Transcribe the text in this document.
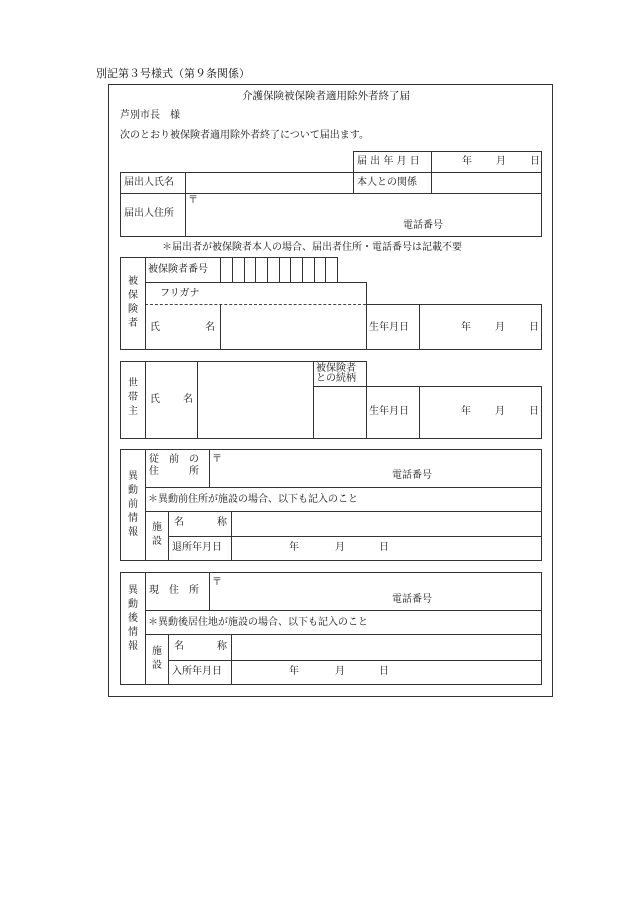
別記第３号様式（第９条関係）
介護保険被保険者適用除外者終了届
芦別市長　様
次のとおり被保険者適用除外者終了について届出ます。
届 出 年 月 日	年 月 日
届出人氏名	本人との関係
届出人住所
〒
電話番号
＊届出者が被保険者本人の場合、届出者住所・電話番号は記載不要
被
保
険
者
被保険者番号
フリガナ
氏	名	生年月日	年 月 日
世
帯
主
氏 名
被保険者
との続柄
生年月日	年 月 日
異
動
前
情
報
従　前　の
住　　　所
〒
電話番号
＊異動前住所が施設の場合、以下も記入のこと
施
設
名	称
退所年月日	年	月	日
異
動
後
情
報
現　住　所
〒
電話番号
＊異動後居住地が施設の場合、以下も記入のこと
施
設
名	称
入所年月日	年	月	日
